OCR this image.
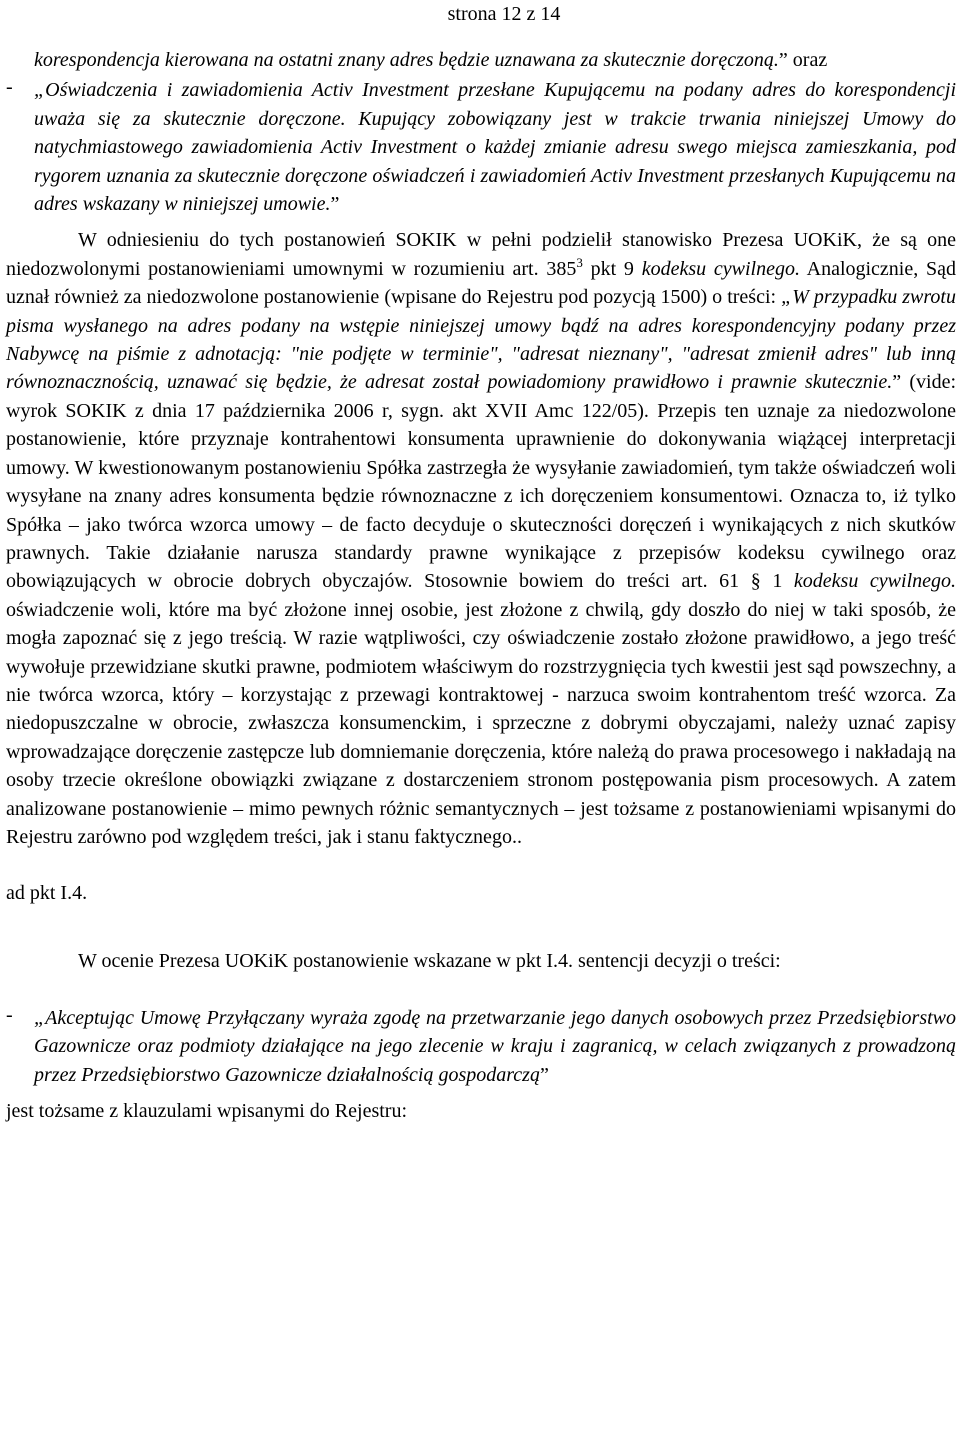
strona 12 z 14

korespondencja kierowana na ostatni znany adres będzie uznawana za skutecznie doręczoną.” oraz

-	„Oświadczenia i zawiadomienia Activ Investment przesłane Kupującemu na podany adres do korespondencji uważa się za skutecznie doręczone. Kupujący zobowiązany jest w trakcie trwania niniejszej Umowy do natychmiastowego zawiadomienia Activ Investment o każdej zmianie adresu swego miejsca zamieszkania, pod rygorem uznania za skutecznie doręczone oświadczeń i zawiadomień Activ Investment przesłanych Kupującemu na adres wskazany w niniejszej umowie.”

W odniesieniu do tych postanowień SOKIK w pełni podzielił stanowisko Prezesa UOKiK, że są one niedozwolonymi postanowieniami umownymi w rozumieniu art. $385^3$ pkt 9 kodeksu cywilnego. Analogicznie, Sąd uznał również za niedozwolone postanowienie (wpisane do Rejestru pod pozycją 1500) o treści: „W przypadku zwrotu pisma wysłanego na adres podany na wstępie niniejszej umowy bądź na adres korespondencyjny podany przez Nabywcę na piśmie z adnotacją: "nie podjęte w terminie", "adresat nieznany", "adresat zmienił adres" lub inną równoznacznością, uznawać się będzie, że adresat został powiadomiony prawidłowo i prawnie skutecznie.” (vide: wyrok SOKIK z dnia 17 października 2006 r, sygn. akt XVII Amc 122/05). Przepis ten uznaje za niedozwolone postanowienie, które przyznaje kontrahentowi konsumenta uprawnienie do dokonywania wiążącej interpretacji umowy. W kwestionowanym postanowieniu Spółka zastrzegła że wysyłanie zawiadomień, tym także oświadczeń woli wysyłane na znany adres konsumenta będzie równoznaczne z ich doręczeniem konsumentowi. Oznacza to, iż tylko Spółka – jako twórca wzorca umowy – de facto decyduje o skuteczności doręczeń i wynikających z nich skutków prawnych. Takie działanie narusza standardy prawne wynikające z przepisów kodeksu cywilnego oraz obowiązujących w obrocie dobrych obyczajów. Stosownie bowiem do treści art. 61 § 1 kodeksu cywilnego. oświadczenie woli, które ma być złożone innej osobie, jest złożone z chwilą, gdy doszło do niej w taki sposób, że mogła zapoznać się z jego treścią. W razie wątpliwości, czy oświadczenie zostało złożone prawidłowo, a jego treść wywołuje przewidziane skutki prawne, podmiotem właściwym do rozstrzygnięcia tych kwestii jest sąd powszechny, a nie twórca wzorca, który – korzystając z przewagi kontraktowej - narzuca swoim kontrahentom treść wzorca. Za niedopuszczalne w obrocie, zwłaszcza konsumenckim, i sprzeczne z dobrymi obyczajami, należy uznać zapisy wprowadzające doręczenie zastępcze lub domniemanie doręczenia, które należą do prawa procesowego i nakładają na osoby trzecie określone obowiązki związane z dostarczeniem stronom postępowania pism procesowych. A zatem analizowane postanowienie – mimo pewnych różnic semantycznych – jest tożsame z postanowieniami wpisanymi do Rejestru zarówno pod względem treści, jak i stanu faktycznego..

ad pkt I.4.

W ocenie Prezesa UOKiK postanowienie wskazane w pkt I.4. sentencji decyzji o treści:

-	„Akceptując Umowę Przyłączany wyraża zgodę na przetwarzanie jego danych osobowych przez Przedsiębiorstwo Gazownicze oraz podmioty działające na jego zlecenie w kraju i zagranicą, w celach związanych z prowadzoną przez Przedsiębiorstwo Gazownicze działalnością gospodarczą”

jest tożsame z klauzulami wpisanymi do Rejestru:
